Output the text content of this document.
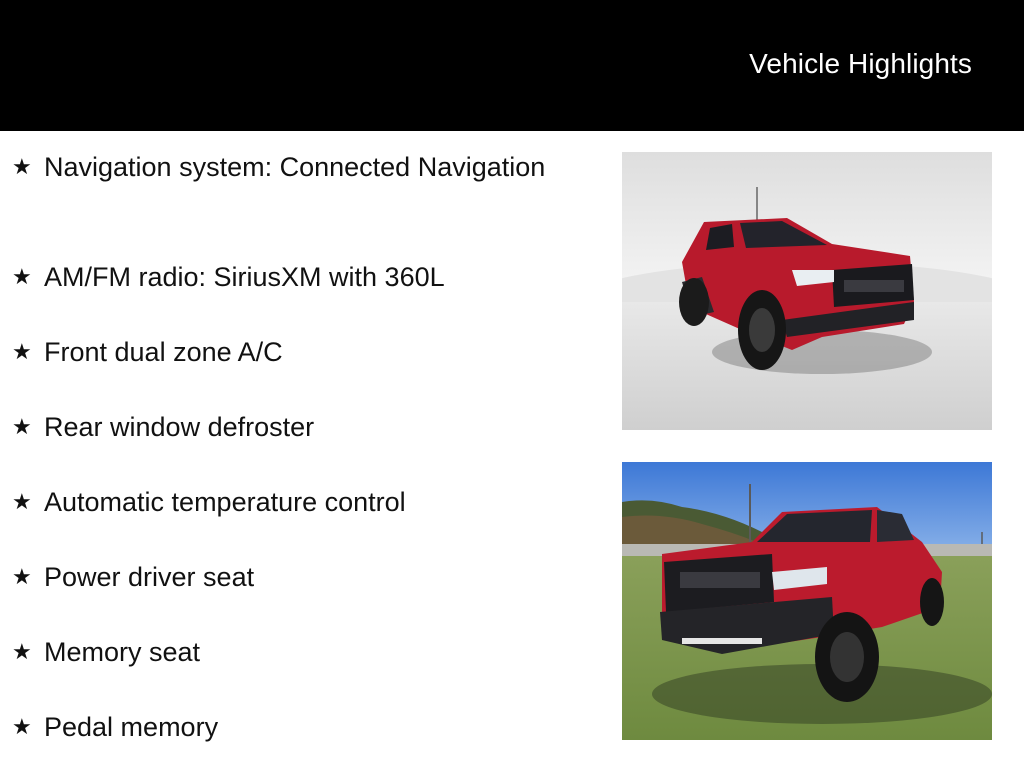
Vehicle Highlights
★ Navigation system: Connected Navigation
★ AM/FM radio: SiriusXM with 360L
★ Front dual zone A/C
★ Rear window defroster
★ Automatic temperature control
★ Power driver seat
★ Memory seat
★ Pedal memory
